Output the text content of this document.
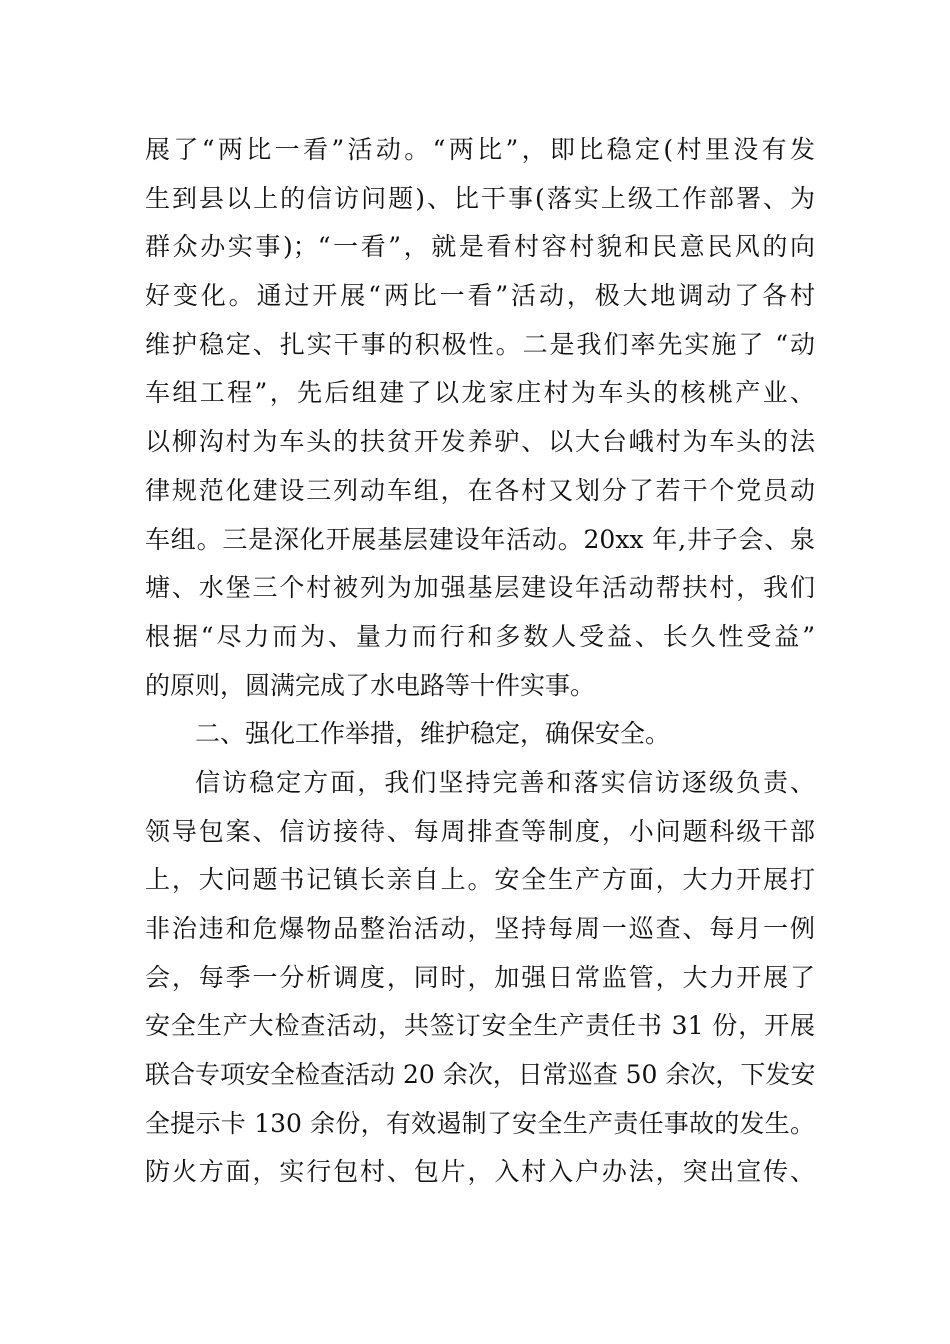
展了“两比一看”活动。“两比”，即比稳定(村里没有发
生到县以上的信访问题)、比干事(落实上级工作部署、为
群众办实事)；“一看”，就是看村容村貌和民意民风的向
好变化。通过开展“两比一看”活动，极大地调动了各村
维护稳定、扎实干事的积极性。二是我们率先实施了 “动
车组工程”，先后组建了以龙家庄村为车头的核桃产业、
以柳沟村为车头的扶贫开发养驴、以大台峨村为车头的法
律规范化建设三列动车组，在各村又划分了若干个党员动
车组。三是深化开展基层建设年活动。20xx 年,井子会、泉
塘、水堡三个村被列为加强基层建设年活动帮扶村，我们
根据“尽力而为、量力而行和多数人受益、长久性受益”
的原则，圆满完成了水电路等十件实事。
二、强化工作举措，维护稳定，确保安全。
信访稳定方面，我们坚持完善和落实信访逐级负责、
领导包案、信访接待、每周排查等制度，小问题科级干部
上，大问题书记镇长亲自上。安全生产方面，大力开展打
非治违和危爆物品整治活动，坚持每周一巡查、每月一例
会，每季一分析调度，同时，加强日常监管，大力开展了
安全生产大检查活动，共签订安全生产责任书 31 份，开展
联合专项安全检查活动 20 余次，日常巡查 50 余次，下发安
全提示卡 130 余份，有效遏制了安全生产责任事故的发生。
防火方面，实行包村、包片，入村入户办法，突出宣传、
